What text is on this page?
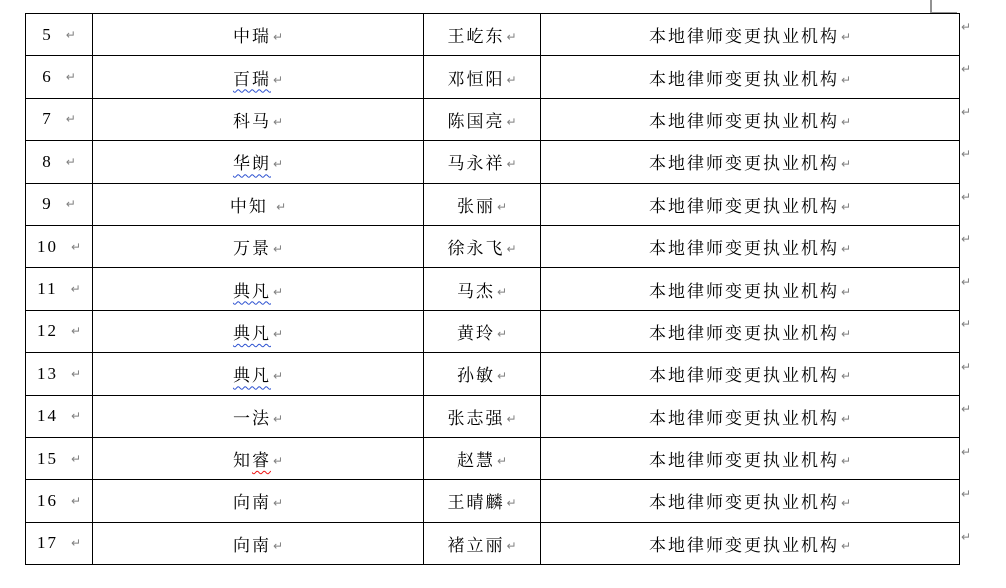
5 ↵	中瑞 ↵	王屹东 ↵	本地律师变更执业机构 ↵
6 ↵	百瑞 ↵	邓恒阳 ↵	本地律师变更执业机构 ↵
7 ↵	科马 ↵	陈国亮 ↵	本地律师变更执业机构 ↵
8 ↵	华朗 ↵	马永祥 ↵	本地律师变更执业机构 ↵
9 ↵	中知 ↵	张丽 ↵	本地律师变更执业机构 ↵
10 ↵	万景 ↵	徐永飞 ↵	本地律师变更执业机构 ↵
11 ↵	典凡 ↵	马杰 ↵	本地律师变更执业机构 ↵
12 ↵	典凡 ↵	黄玲 ↵	本地律师变更执业机构 ↵
13 ↵	典凡 ↵	孙敏 ↵	本地律师变更执业机构 ↵
14 ↵	一法 ↵	张志强 ↵	本地律师变更执业机构 ↵
15 ↵	知睿 ↵	赵慧 ↵	本地律师变更执业机构 ↵
16 ↵	向南 ↵	王晴麟 ↵	本地律师变更执业机构 ↵
17 ↵	向南 ↵	褚立丽 ↵	本地律师变更执业机构 ↵
↵
↵
↵
↵
↵
↵
↵
↵
↵
↵
↵
↵
↵
